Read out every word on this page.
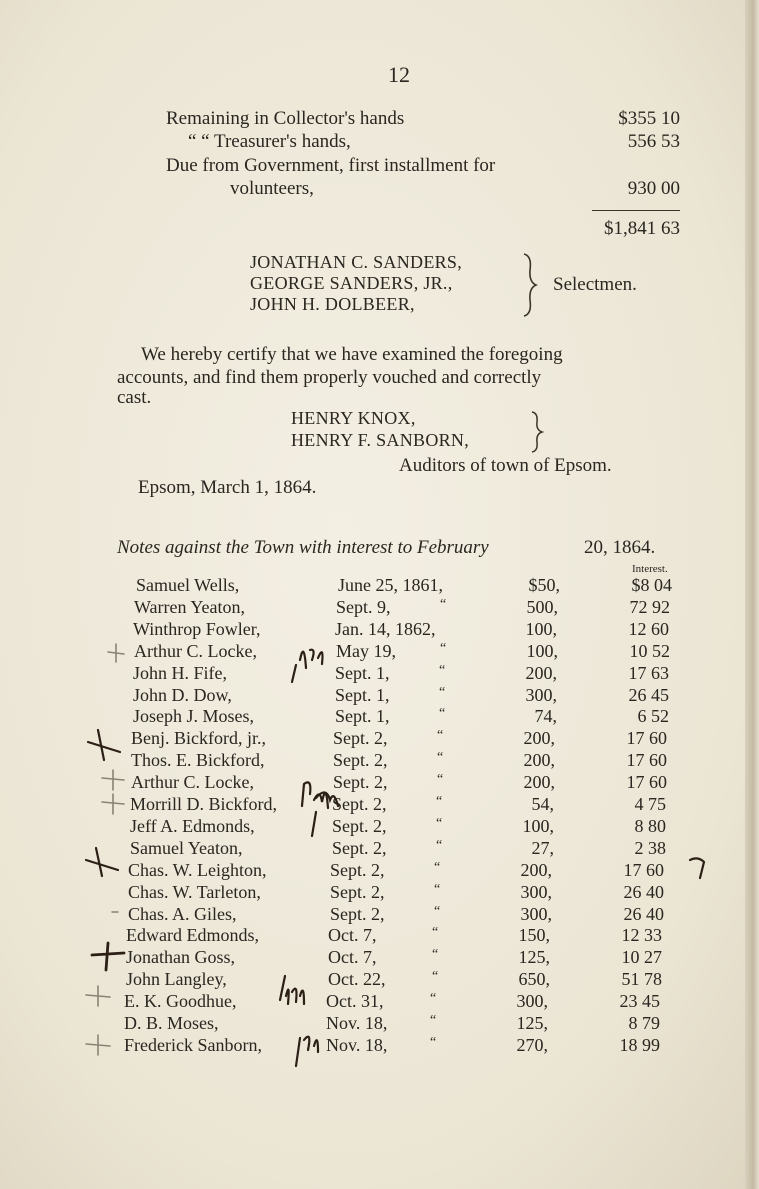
12
Remaining in Collector's hands	$355 10
“ “ Treasurer's hands,	556 53
Due from Government, first installment for
volunteers,	930 00
$1,841 63
JONATHAN C. SANDERS,
GEORGE SANDERS, JR.,
JOHN H. DOLBEER,
Selectmen.
We hereby certify that we have examined the foregoing
accounts, and find them properly vouched and correctly
cast.
HENRY KNOX,
HENRY F. SANBORN,
Auditors of town of Epsom.
Epsom, March 1, 1864.
Notes against the Town with interest to February	20, 1864.
Interest.
Samuel Wells,	June 25, 1861,	$50,	$8 04
Warren Yeaton,	Sept. 9,	“	500,	72 92
Winthrop Fowler,	Jan. 14, 1862,	100,	12 60
Arthur C. Locke,	May 19,	“	100,	10 52
John H. Fife,	Sept. 1,	“	200,	17 63
John D. Dow,	Sept. 1,	“	300,	26 45
Joseph J. Moses,	Sept. 1,	“	74,	6 52
Benj. Bickford, jr.,	Sept. 2,	“	200,	17 60
Thos. E. Bickford,	Sept. 2,	“	200,	17 60
Arthur C. Locke,	Sept. 2,	“	200,	17 60
Morrill D. Bickford,	Sept. 2,	“	54,	4 75
Jeff A. Edmonds,	Sept. 2,	“	100,	8 80
Samuel Yeaton,	Sept. 2,	“	27,	2 38
Chas. W. Leighton,	Sept. 2,	“	200,	17 60
Chas. W. Tarleton,	Sept. 2,	“	300,	26 40
Chas. A. Giles,	Sept. 2,	“	300,	26 40
Edward Edmonds,	Oct. 7,	“	150,	12 33
Jonathan Goss,	Oct. 7,	“	125,	10 27
John Langley,	Oct. 22,	“	650,	51 78
E. K. Goodhue,	Oct. 31,	“	300,	23 45
D. B. Moses,	Nov. 18,	“	125,	8 79
Frederick Sanborn,	Nov. 18,	“	270,	18 99
